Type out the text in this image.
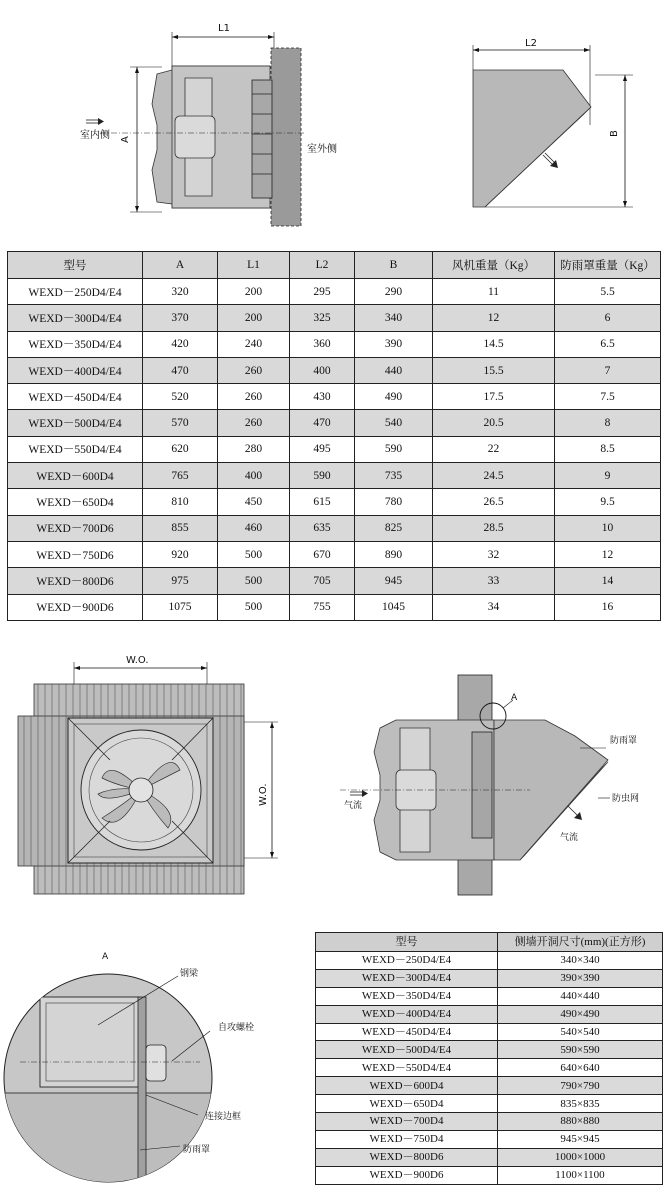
L1
A
室内侧
室外侧
L2
B
型号	A	L1	L2	B	风机重量（Kg）	防雨罩重量（Kg）
WEXD－250D4/E4	320	200	295	290	11	5.5
WEXD－300D4/E4	370	200	325	340	12	6
WEXD－350D4/E4	420	240	360	390	14.5	6.5
WEXD－400D4/E4	470	260	400	440	15.5	7
WEXD－450D4/E4	520	260	430	490	17.5	7.5
WEXD－500D4/E4	570	260	470	540	20.5	8
WEXD－550D4/E4	620	280	495	590	22	8.5
WEXD－600D4	765	400	590	735	24.5	9
WEXD－650D4	810	450	615	780	26.5	9.5
WEXD－700D6	855	460	635	825	28.5	10
WEXD－750D6	920	500	670	890	32	12
WEXD－800D6	975	500	705	945	33	14
WEXD－900D6	1075	500	755	1045	34	16
W.O.
W.O.
A
防雨罩
防虫网
气流
气流
A
钢梁
自攻螺栓
连接边框
防雨罩
型号	侧墙开洞尺寸(mm)(正方形)
WEXD－250D4/E4	340×340
WEXD－300D4/E4	390×390
WEXD－350D4/E4	440×440
WEXD－400D4/E4	490×490
WEXD－450D4/E4	540×540
WEXD－500D4/E4	590×590
WEXD－550D4/E4	640×640
WEXD－600D4	790×790
WEXD－650D4	835×835
WEXD－700D4	880×880
WEXD－750D4	945×945
WEXD－800D6	1000×1000
WEXD－900D6	1100×1100
